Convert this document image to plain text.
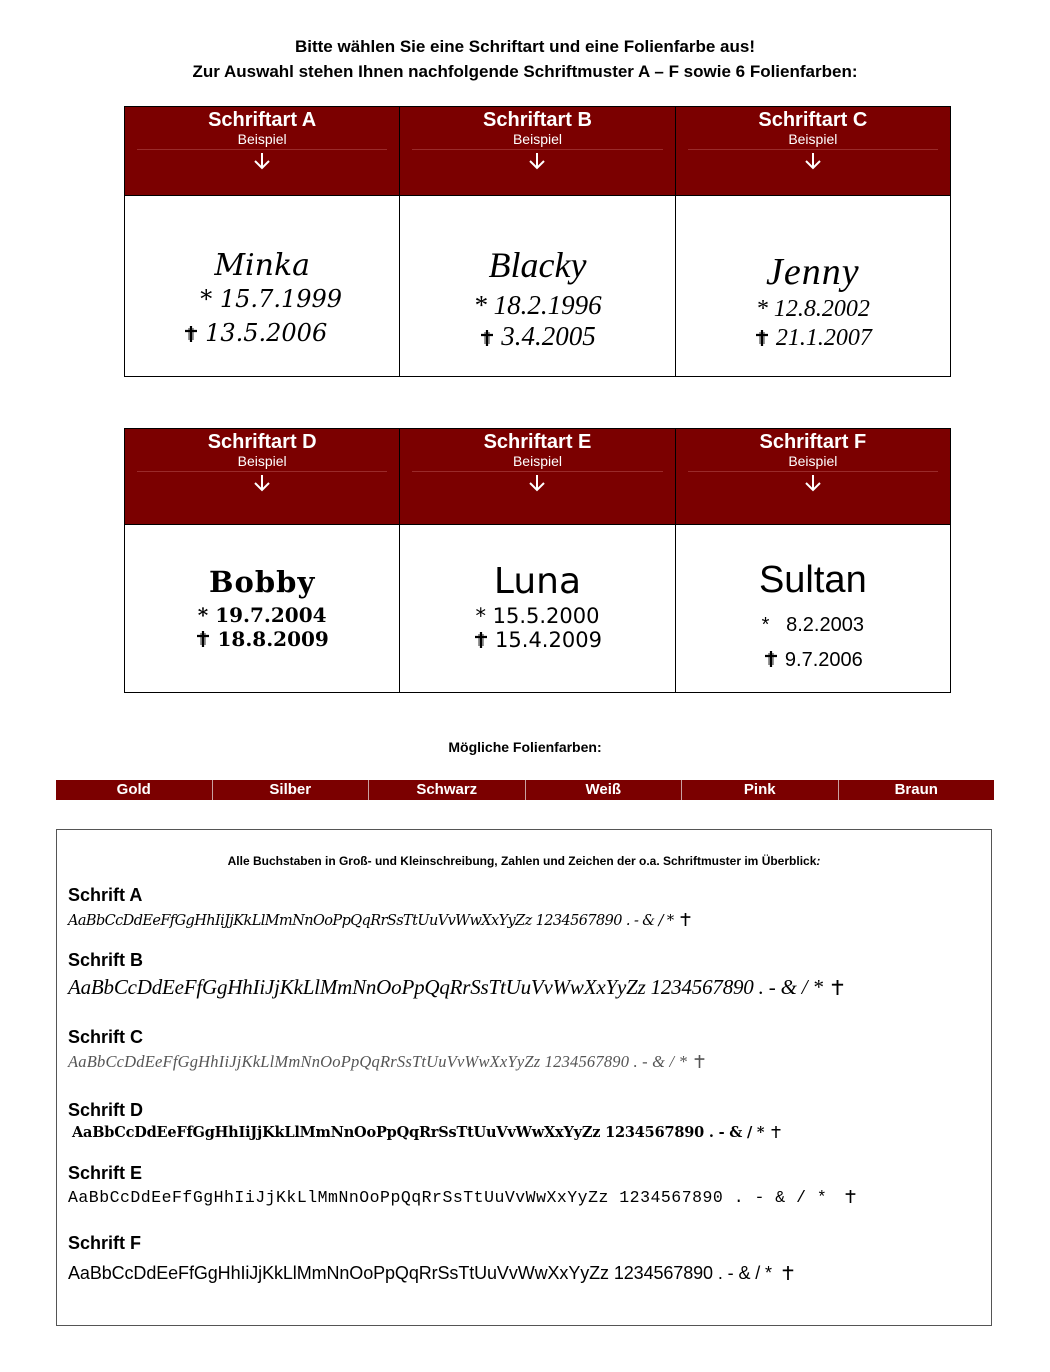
Bitte wählen Sie eine Schriftart und eine Folienfarbe aus!
Zur Auswahl stehen Ihnen nachfolgende Schriftmuster A – F sowie 6 Folienfarben:
Schriftart A
Beispiel	Schriftart B
Beispiel	Schriftart C
Beispiel

Minka
* 15.7.1999
13.5.2006	Blacky
* 18.2.1996
3.4.2005	Jenny
* 12.8.2002
21.1.2007
Schriftart D
Beispiel	Schriftart E
Beispiel	Schriftart F
Beispiel

Bobby
* 19.7.2004
18.8.2009	Luna
* 15.5.2000
15.4.2009	Sultan
*   8.2.2003
9.7.2006
Mögliche Folienfarben:
Gold	Silber	Schwarz	Weiß	Pink	Braun
Alle Buchstaben in Groß- und Kleinschreibung, Zahlen und Zeichen der o.a. Schriftmuster im Überblick:
Schrift A
AaBbCcDdEeFfGgHhIiJjKkLlMmNnOoPpQqRrSsTtUuVvWwXxYyZz 1234567890 . - & / *
Schrift B
AaBbCcDdEeFfGgHhIiJjKkLlMmNnOoPpQqRrSsTtUuVvWwXxYyZz 1234567890 . - & / *
Schrift C
AaBbCcDdEeFfGgHhIiJjKkLlMmNnOoPpQqRrSsTtUuVvWwXxYyZz 1234567890 . - & / *
Schrift D
AaBbCcDdEeFfGgHhIiJjKkLlMmNnOoPpQqRrSsTtUuVvWwXxYyZz 1234567890 . - & / *
Schrift E
AaBbCcDdEeFfGgHhIiJjKkLlMmNnOoPpQqRrSsTtUuVvWwXxYyZz 1234567890 . - & / *
Schrift F
AaBbCcDdEeFfGgHhIiJjKkLlMmNnOoPpQqRrSsTtUuVvWwXxYyZz 1234567890 . - & / *
